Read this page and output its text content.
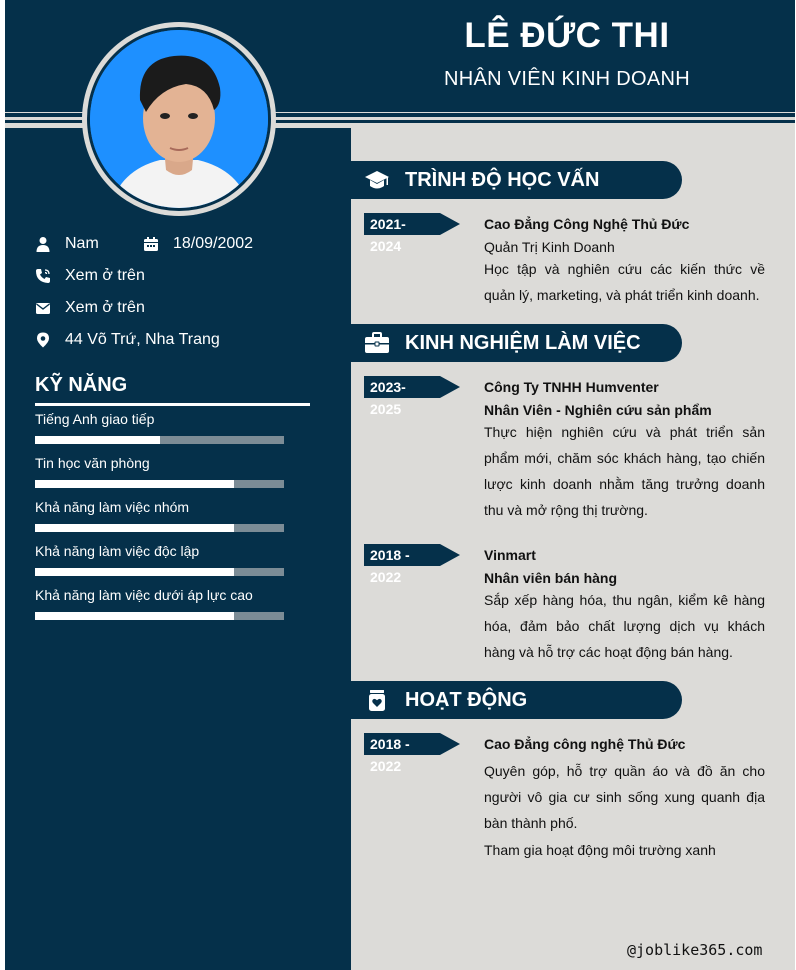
LÊ ĐỨC THI
NHÂN VIÊN KINH DOANH
Nam	18/09/2002
Xem ở trên
Xem ở trên
44 Võ Trứ, Nha Trang
KỸ NĂNG
Tiếng Anh giao tiếp
Tin học văn phòng
Khả năng làm việc nhóm
Khả năng làm việc độc lập
Khả năng làm việc dưới áp lực cao
TRÌNH ĐỘ HỌC VẤN
2021-2024
Cao Đẳng Công Nghệ Thủ Đức
Quản Trị Kinh Doanh
Học tập và nghiên cứu các kiến thức về quản lý, marketing, và phát triển kinh doanh.
KINH NGHIỆM LÀM VIỆC
2023-2025
Công Ty TNHH Humventer
Nhân Viên - Nghiên cứu sản phẩm
Thực hiện nghiên cứu và phát triển sản phẩm mới, chăm sóc khách hàng, tạo chiến lược kinh doanh nhằm tăng trưởng doanh thu và mở rộng thị trường.
2018 - 2022
Vinmart
Nhân viên bán hàng
Sắp xếp hàng hóa, thu ngân, kiểm kê hàng hóa, đảm bảo chất lượng dịch vụ khách hàng và hỗ trợ các hoạt động bán hàng.
HOẠT ĐỘNG
2018 - 2022
Cao Đẳng công nghệ Thủ Đức
Quyên góp, hỗ trợ quần áo và đồ ăn cho người vô gia cư sinh sống xung quanh địa bàn thành phố.
Tham gia hoạt động môi trường xanh
@joblike365.com
